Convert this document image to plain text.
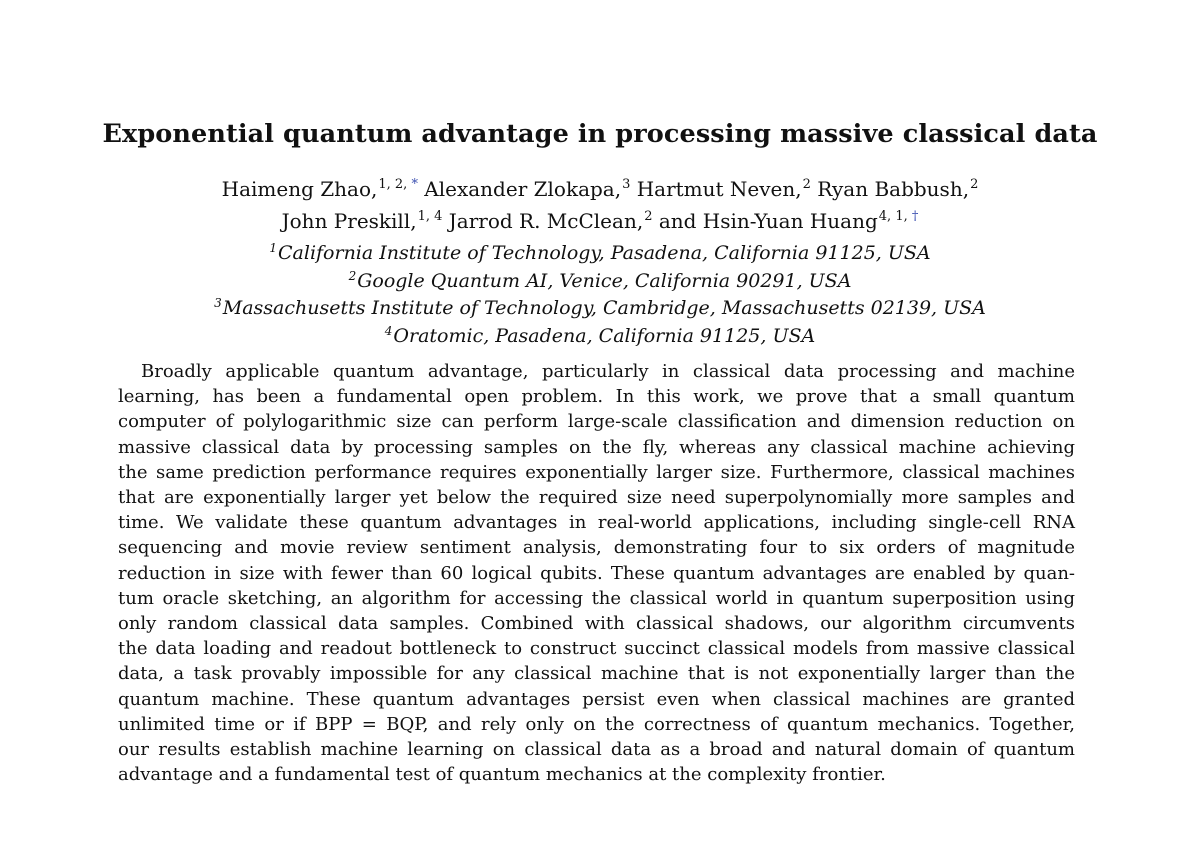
Exponential quantum advantage in processing massive classical data
Haimeng Zhao,$^{1, 2, *}$ Alexander Zlokapa,$^3$ Hartmut Neven,$^2$ Ryan Babbush,$^2$
John Preskill,$^{1, 4}$ Jarrod R. McClean,$^2$ and Hsin-Yuan Huang$^{4, 1, \dagger}$
$^1$California Institute of Technology, Pasadena, California 91125, USA
$^2$Google Quantum AI, Venice, California 90291, USA
$^3$Massachusetts Institute of Technology, Cambridge, Massachusetts 02139, USA
$^4$Oratomic, Pasadena, California 91125, USA
Broadly applicable quantum advantage, particularly in classical data processing and machine
learning, has been a fundamental open problem. In this work, we prove that a small quantum
computer of polylogarithmic size can perform large-scale classification and dimension reduction on
massive classical data by processing samples on the fly, whereas any classical machine achieving
the same prediction performance requires exponentially larger size. Furthermore, classical machines
that are exponentially larger yet below the required size need superpolynomially more samples and
time. We validate these quantum advantages in real-world applications, including single-cell RNA
sequencing and movie review sentiment analysis, demonstrating four to six orders of magnitude
reduction in size with fewer than 60 logical qubits. These quantum advantages are enabled by quan-
tum oracle sketching, an algorithm for accessing the classical world in quantum superposition using
only random classical data samples. Combined with classical shadows, our algorithm circumvents
the data loading and readout bottleneck to construct succinct classical models from massive classical
data, a task provably impossible for any classical machine that is not exponentially larger than the
quantum machine. These quantum advantages persist even when classical machines are granted
unlimited time or if BPP = BQP, and rely only on the correctness of quantum mechanics. Together,
our results establish machine learning on classical data as a broad and natural domain of quantum
advantage and a fundamental test of quantum mechanics at the complexity frontier.
